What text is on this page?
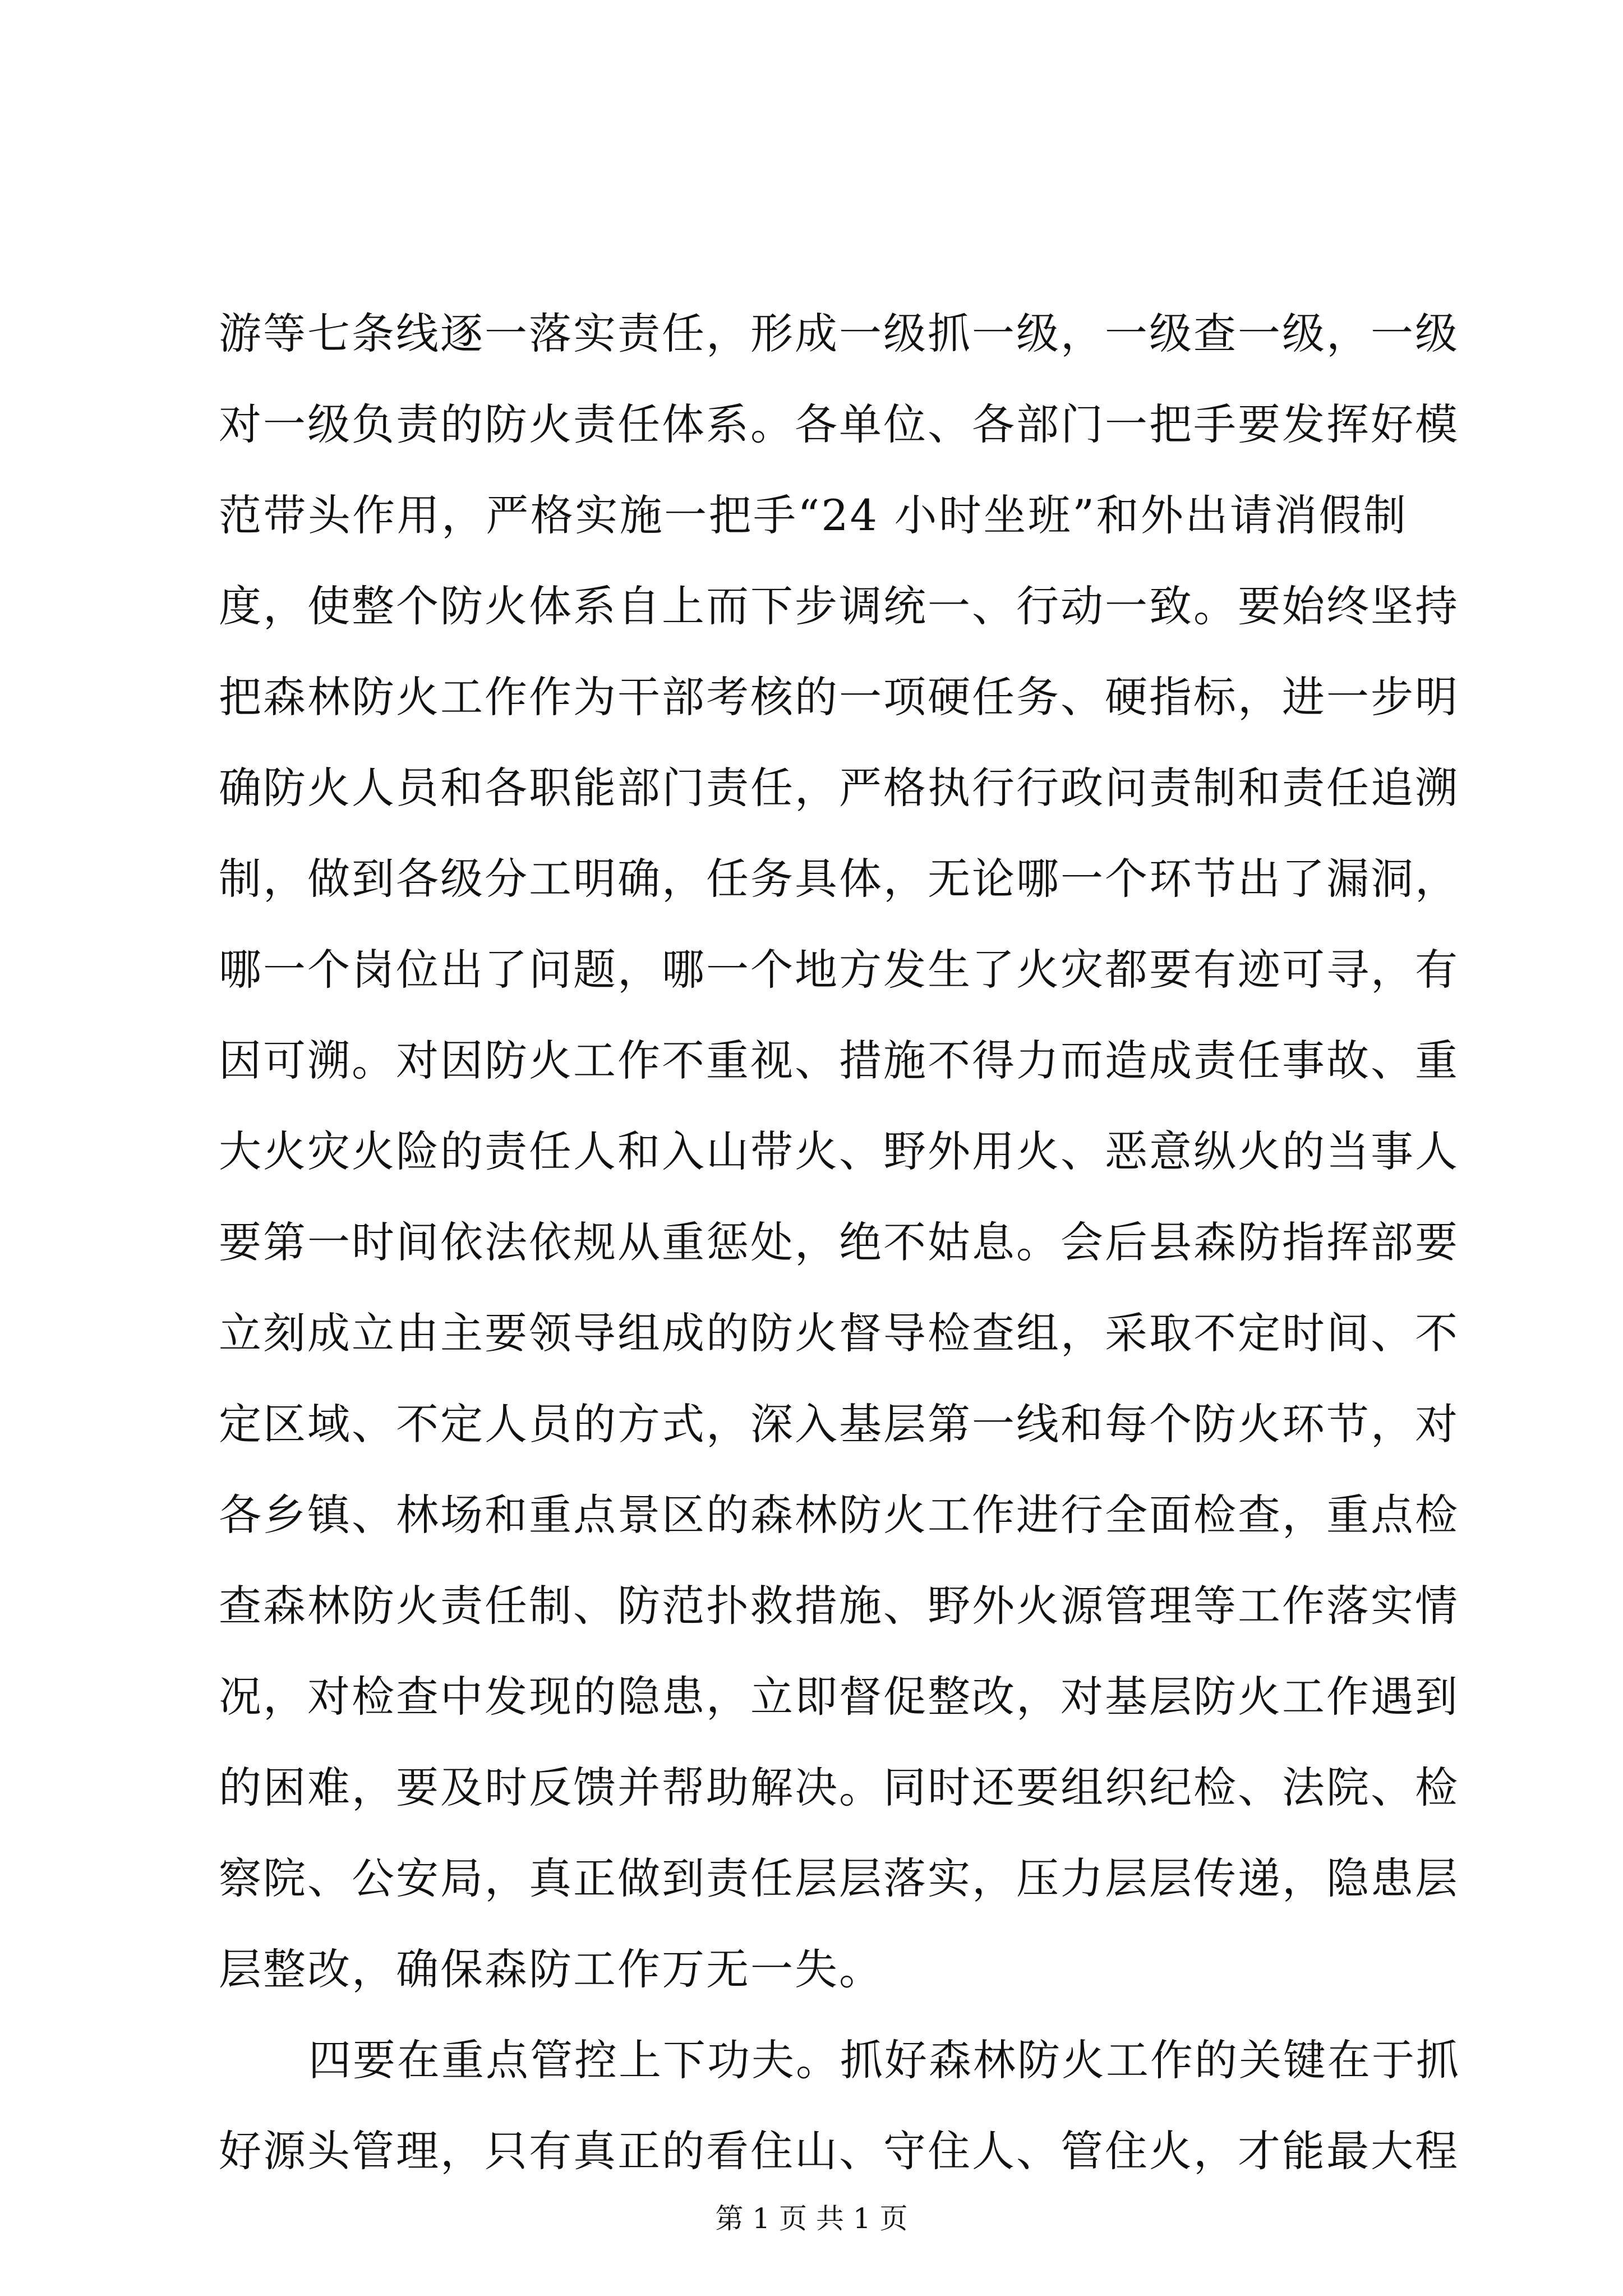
游等七条线逐一落实责任，形成一级抓一级，一级查一级，一级
对一级负责的防火责任体系。各单位、各部门一把手要发挥好模
范带头作用，严格实施一把手“24 小时坐班”和外出请消假制
度，使整个防火体系自上而下步调统一、行动一致。要始终坚持
把森林防火工作作为干部考核的一项硬任务、硬指标，进一步明
确防火人员和各职能部门责任，严格执行行政问责制和责任追溯
制，做到各级分工明确，任务具体，无论哪一个环节出了漏洞，
哪一个岗位出了问题，哪一个地方发生了火灾都要有迹可寻，有
因可溯。对因防火工作不重视、措施不得力而造成责任事故、重
大火灾火险的责任人和入山带火、野外用火、恶意纵火的当事人
要第一时间依法依规从重惩处，绝不姑息。会后县森防指挥部要
立刻成立由主要领导组成的防火督导检查组，采取不定时间、不
定区域、不定人员的方式，深入基层第一线和每个防火环节，对
各乡镇、林场和重点景区的森林防火工作进行全面检查，重点检
查森林防火责任制、防范扑救措施、野外火源管理等工作落实情
况，对检查中发现的隐患，立即督促整改，对基层防火工作遇到
的困难，要及时反馈并帮助解决。同时还要组织纪检、法院、检
察院、公安局，真正做到责任层层落实，压力层层传递，隐患层
层整改，确保森防工作万无一失。
四要在重点管控上下功夫。抓好森林防火工作的关键在于抓
好源头管理，只有真正的看住山、守住人、管住火，才能最大程
第 1 页 共 1 页
